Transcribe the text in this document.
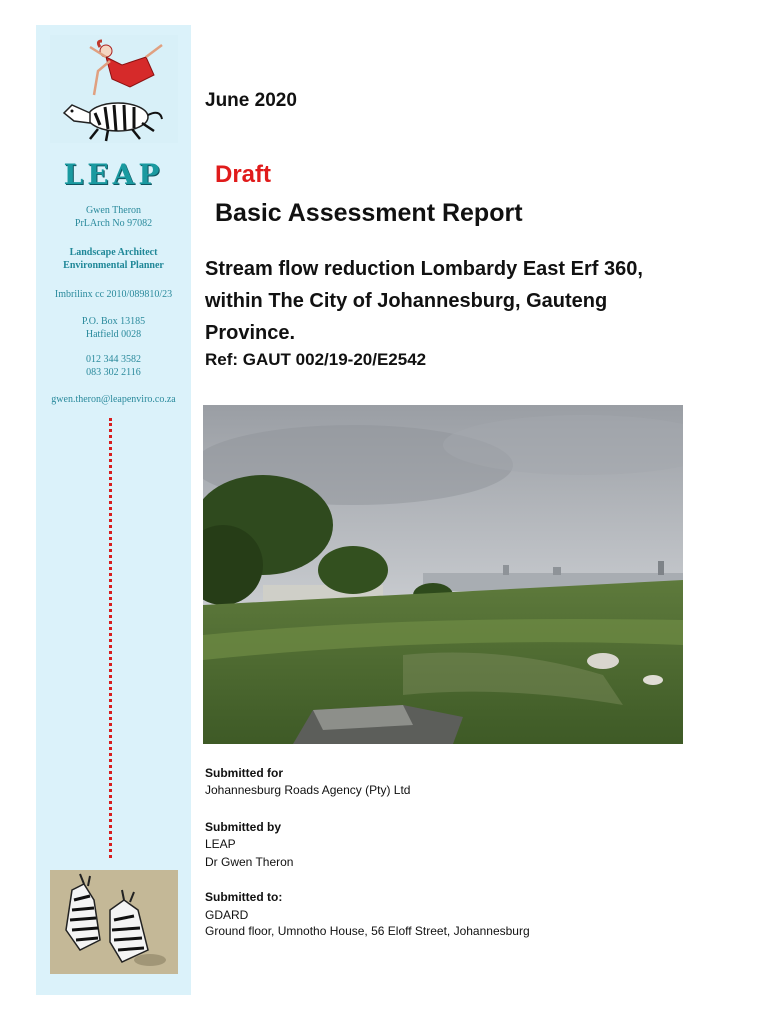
LEAP
Gwen Theron
PrLArch No 97082
Landscape Architect
Environmental Planner
Imbrilinx cc 2010/089810/23
P.O. Box 13185
Hatfield 0028
012 344 3582
083 302 2116
gwen.theron@leapenviro.co.za
June 2020
Draft
Basic Assessment Report
Stream flow reduction Lombardy East Erf 360,
within The City of Johannesburg, Gauteng
Province.
Ref: GAUT 002/19-20/E2542
Submitted for
Johannesburg Roads Agency (Pty) Ltd
Submitted by
LEAP
Dr Gwen Theron
Submitted to:
GDARD
Ground floor, Umnotho House, 56 Eloff Street, Johannesburg
